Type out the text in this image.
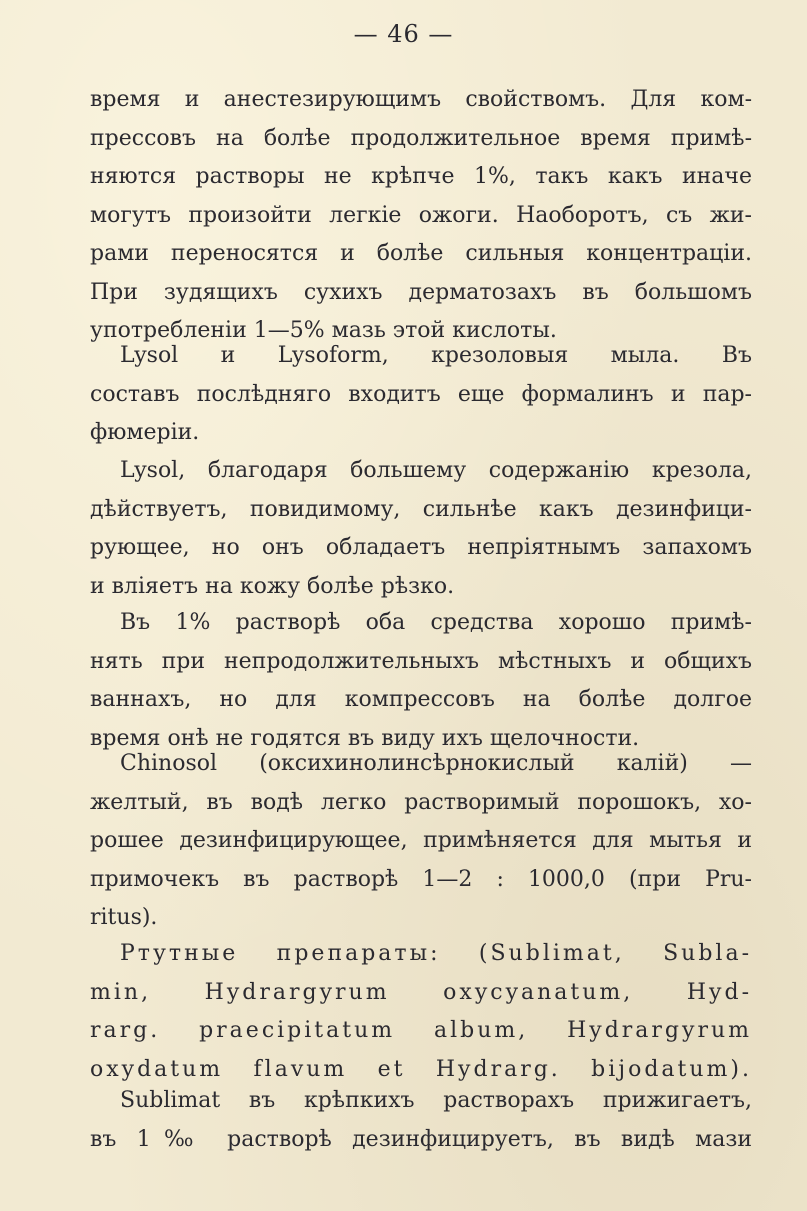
— 46 —
время и анестезирующимъ свойствомъ. Для ком-
прессовъ на болѣе продолжительное время примѣ-
няются растворы не крѣпче 1%, такъ какъ иначе
могутъ произойти легкіе ожоги. Наоборотъ, съ жи-
рами переносятся и болѣе сильныя концентраціи.
При зудящихъ сухихъ дерматозахъ въ большомъ
употребленіи 1—5% мазь этой кислоты.
Lysol и Lysoform, крезоловыя мыла. Въ
составъ послѣдняго входитъ еще формалинъ и пар-
фюмеріи.
Lysol, благодаря большему содержанію крезола,
дѣйствуетъ, повидимому, сильнѣе какъ дезинфици-
рующее, но онъ обладаетъ непріятнымъ запахомъ
и вліяетъ на кожу болѣе рѣзко.
Въ 1% растворѣ оба средства хорошо примѣ-
нять при непродолжительныхъ мѣстныхъ и общихъ
ваннахъ, но для компрессовъ на болѣе долгое
время онѣ не годятся въ виду ихъ щелочности.
Chinosol (оксихинолинсѣрнокислый калій) —
желтый, въ водѣ легко растворимый порошокъ, хо-
рошее дезинфицирующее, примѣняется для мытья и
примочекъ въ растворѣ 1—2 : 1000,0 (при Pru-
ritus).
Ртутные препараты: (Sublimat, Subla-
min, Hydrargyrum oxycyanatum, Hyd-
rarg. praecipitatum album, Hydrargyrum
oxydatum flavum et Hydrarg. bijodatum).
Sublimat въ крѣпкихъ растворахъ прижигаетъ,
въ 1‰ растворѣ дезинфицируетъ, въ видѣ мази
